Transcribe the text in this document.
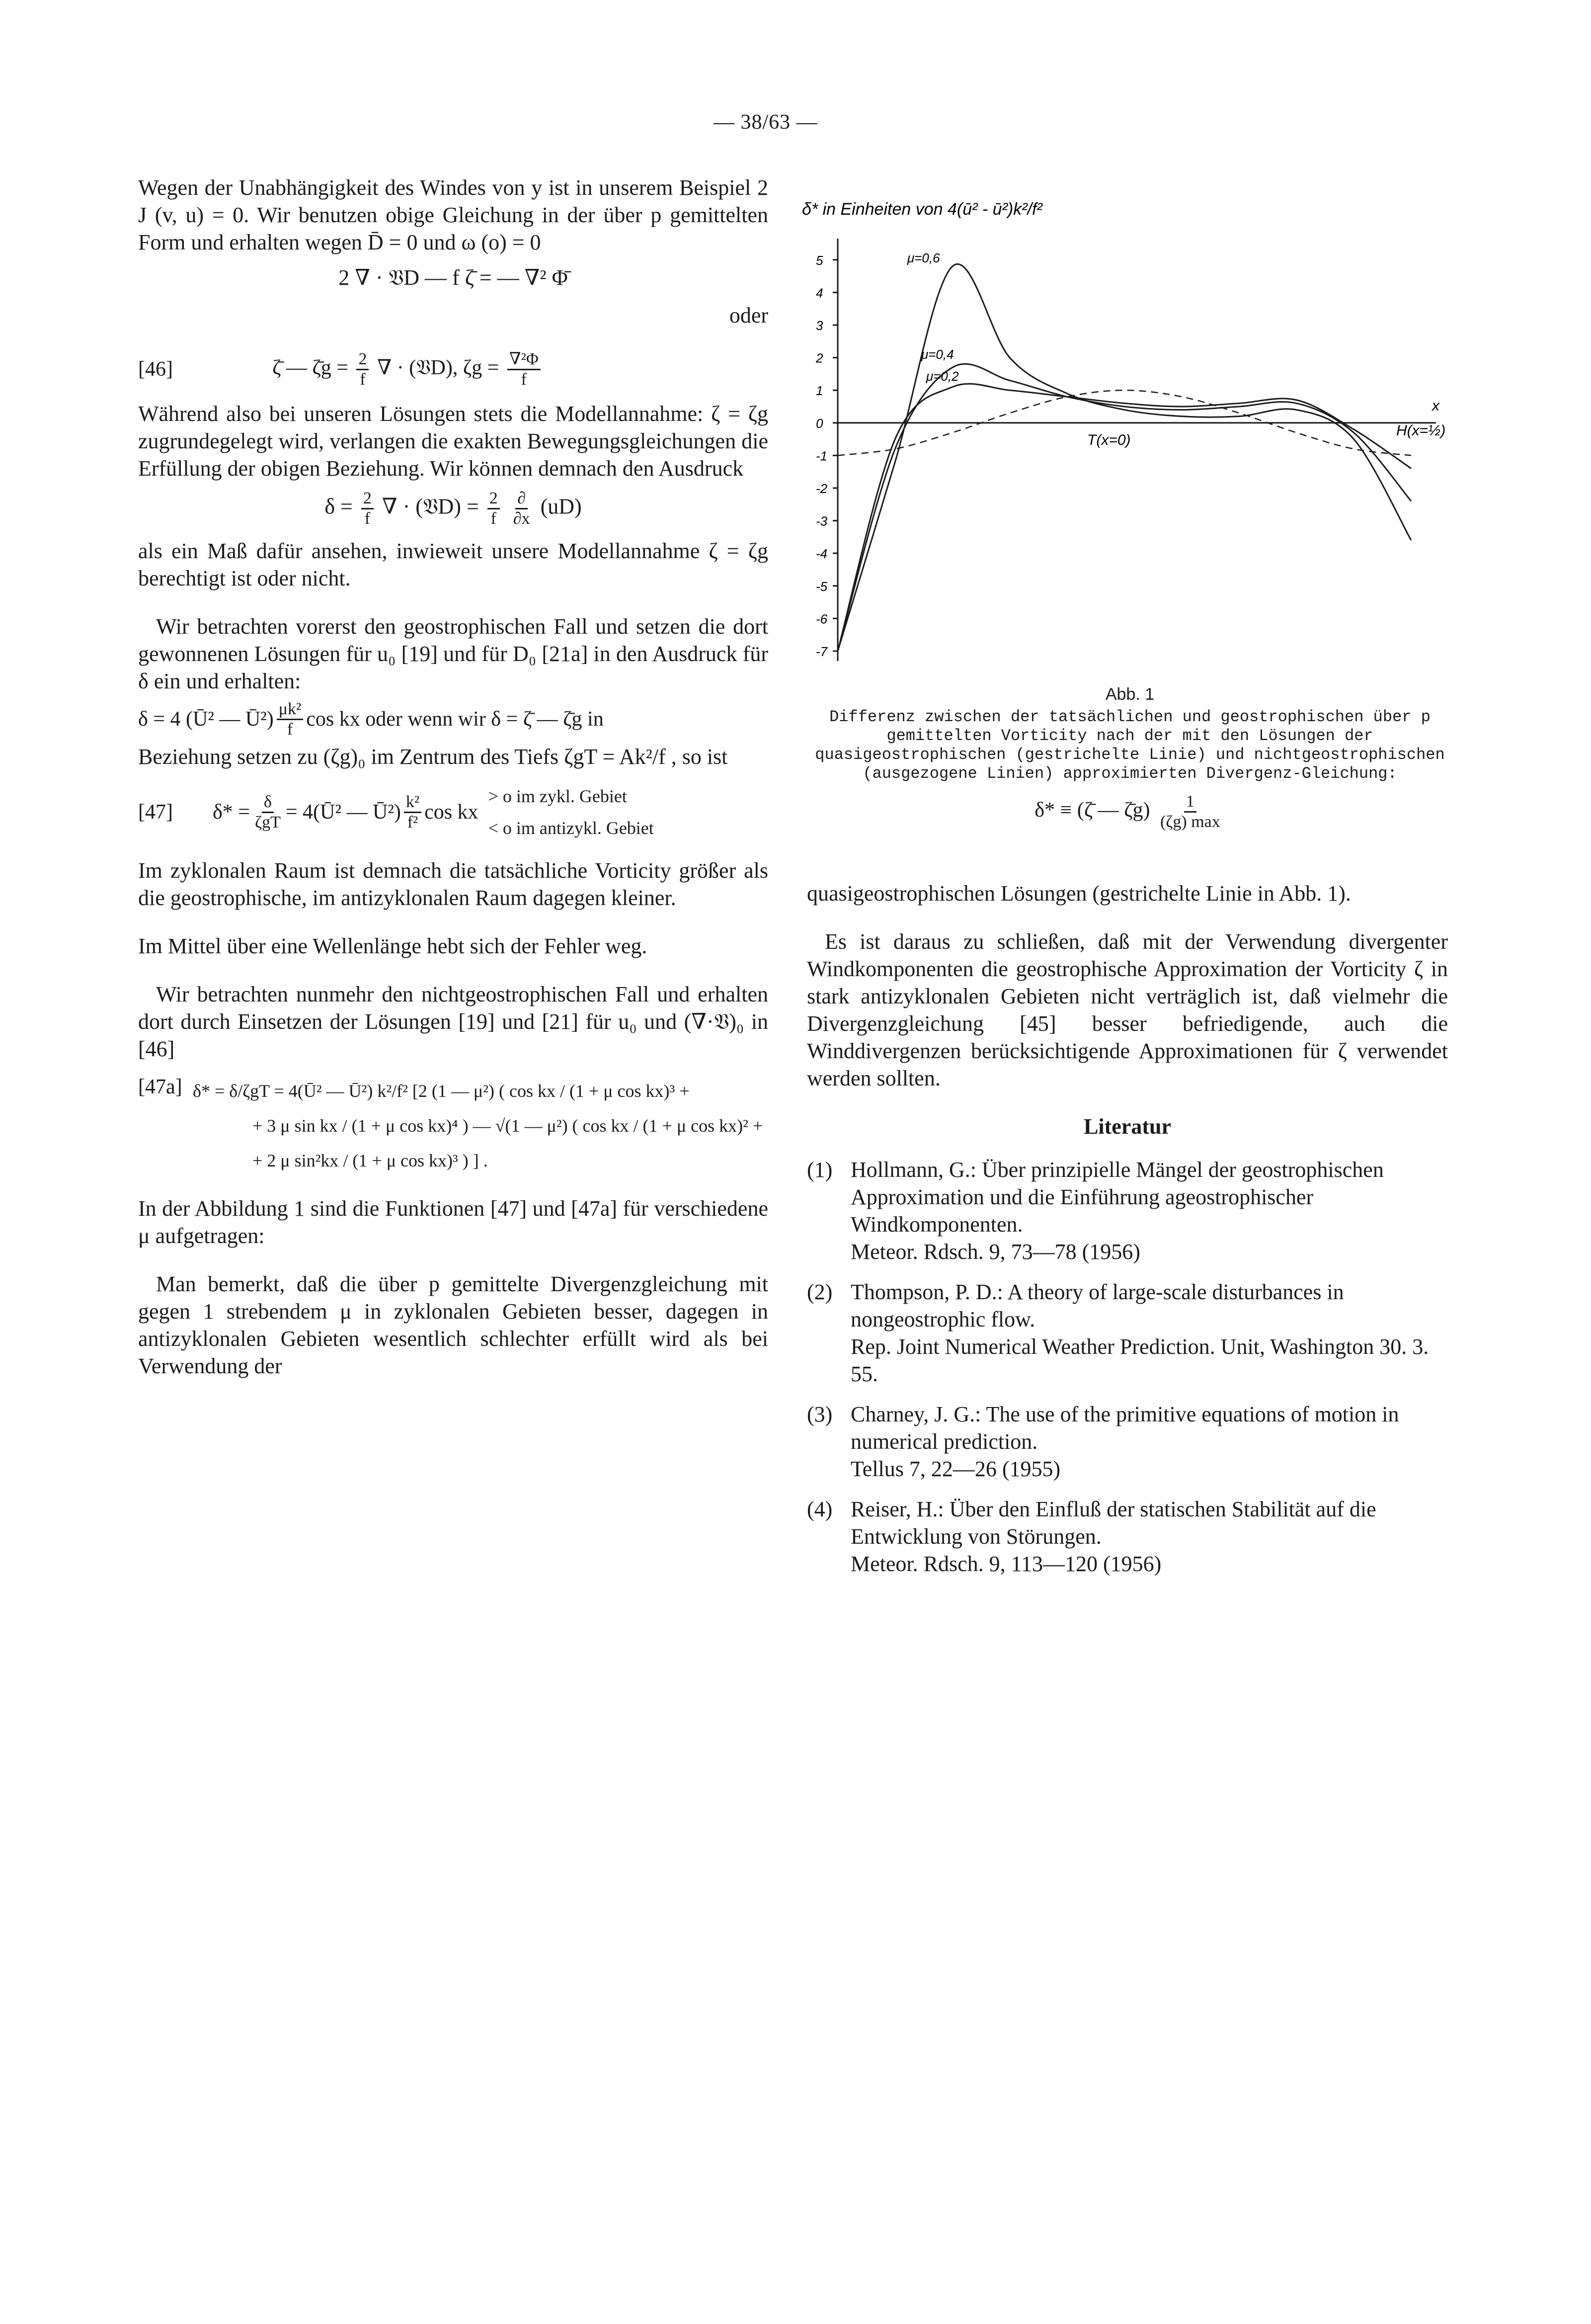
— 38/63 —

Wegen der Unabhängigkeit des Windes von y ist in unserem Beispiel 2 J (v, u) = 0. Wir benutzen obige Gleichung in der über p gemittelten Form und erhalten wegen D̄ = 0 und ω (o) = 0

2 ∇ · 𝔙D — f ζ̄ = — ∇² Φ̄

oder

[46]	ζ̄ — ζ̄g = $\frac{2}{f}$ ∇ · (𝔙D), $\zeta g = \frac{\text{∇²Φ}}{f}$

Während also bei unseren Lösungen stets die Modellannahme: ζ = ζg zugrundegelegt wird, verlangen die exakten Bewegungsgleichungen die Erfüllung der obigen Beziehung. Wir können demnach den Ausdruck

$\delta = \frac{2}{f}$ ∇ · (𝔙D) = $\frac{2}{f}$
$\frac{\partial}{\partial x} (uD)$

als ein Maß dafür ansehen, inwieweit unsere Modellannahme ζ = ζg berechtigt ist oder nicht.

Wir betrachten vorerst den geostrophischen Fall und setzen die dort gewonnenen Lösungen für u₀ [19] und für D₀ [21a] in den Ausdruck für δ ein und erhalten:

δ = 4 (Ū² — Ū²) $\frac{\text{μk²}}{f}$ cos kx oder wenn wir δ = ζ̄ — ζ̄g in

Beziehung setzen zu (ζg)₀ im Zentrum des Tiefs ζgT = Ak²/f , so ist

[47]	$\delta* = \frac{\delta}{\text{ζgT}}$ = 4(Ū² — Ū²) $\frac{\text{k²}}{\text{f²}}$ cos kx
> o im zykl. Gebiet
< o im antizykl. Gebiet

Im zyklonalen Raum ist demnach die tatsächliche Vorticity größer als die geostrophische, im antizyklonalen Raum dagegen kleiner.

Im Mittel über eine Wellenlänge hebt sich der Fehler weg.

Wir betrachten nunmehr den nichtgeostrophischen Fall und erhalten dort durch Einsetzen der Lösungen [19] und [21] für u₀ und (∇·𝔙)₀ in [46]

[47a] δ* = δ/ζgT = 4(Ū² — Ū²) k²/f² [2 (1 — μ²) ( cos kx / (1 + μ cos kx)³ +
+ 3 μ sin kx / (1 + μ cos kx)⁴ ) — √(1 — μ²) ( cos kx / (1 + μ cos kx)² +
+ 2 μ sin²kx / (1 + μ cos kx)³ ) ] .

In der Abbildung 1 sind die Funktionen [47] und [47a] für verschiedene μ aufgetragen:

Man bemerkt, daß die über p gemittelte Divergenzgleichung mit gegen 1 strebendem μ in zyklonalen Gebieten besser, dagegen in antizyklonalen Gebieten wesentlich schlechter erfüllt wird als bei Verwendung der

δ* in Einheiten von 4(ū² - ū²)k²/f²
5
4
3
2
1
0
-1
-2
-3
-4
-5
-6
-7
x
T(x=0)
H(x=½)
μ=0,6
μ=0,4
μ=0,2
Abb. 1
Differenz zwischen der tatsächlichen und geostrophischen über p gemittelten Vorticity nach der mit den Lösungen der quasigeostrophischen (gestrichelte Linie) und nichtgeostrophischen (ausgezogene Linien) approximierten Divergenz-Gleichung:
δ* ≡ (ζ̄ — ζ̄g) $\frac{1}{(\zeta g) \max}$

quasigeostrophischen Lösungen (gestrichelte Linie in Abb. 1).

Es ist daraus zu schließen, daß mit der Verwendung divergenter Windkomponenten die geostrophische Approximation der Vorticity ζ in stark antizyklonalen Gebieten nicht verträglich ist, daß vielmehr die Divergenzgleichung [45] besser befriedigende, auch die Winddivergenzen berücksichtigende Approximationen für ζ verwendet werden sollten.

Literatur
(1) Hollmann, G.: Über prinzipielle Mängel der geostrophischen Approximation und die Einführung ageostrophischer Windkomponenten.
Meteor. Rdsch. 9, 73—78 (1956)
(2) Thompson, P. D.: A theory of large-scale disturbances in nongeostrophic flow.
Rep. Joint Numerical Weather Prediction. Unit, Washington 30. 3. 55.
(3) Charney, J. G.: The use of the primitive equations of motion in numerical prediction.
Tellus 7, 22—26 (1955)
(4) Reiser, H.: Über den Einfluß der statischen Stabilität auf die Entwicklung von Störungen.
Meteor. Rdsch. 9, 113—120 (1956)
